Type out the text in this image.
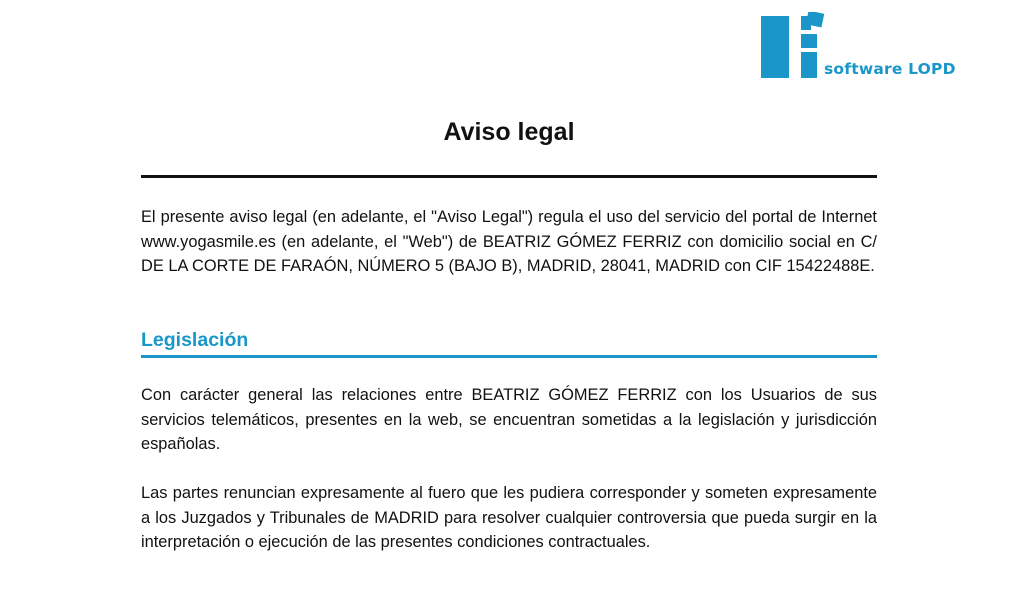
software LOPD
Aviso legal

El presente aviso legal (en adelante, el "Aviso Legal") regula el uso del servicio del portal de Internet www.yogasmile.es (en adelante, el "Web") de BEATRIZ GÓMEZ FERRIZ con domicilio social en C/ DE LA CORTE DE FARAÓN, NÚMERO 5 (BAJO B), MADRID, 28041, MADRID con CIF 15422488E.

Legislación

Con carácter general las relaciones entre BEATRIZ GÓMEZ FERRIZ con los Usuarios de sus servicios telemáticos, presentes en la web, se encuentran sometidas a la legislación y jurisdicción españolas.

Las partes renuncian expresamente al fuero que les pudiera corresponder y someten expresamente a los Juzgados y Tribunales de MADRID para resolver cualquier controversia que pueda surgir en la interpretación o ejecución de las presentes condiciones contractuales.
